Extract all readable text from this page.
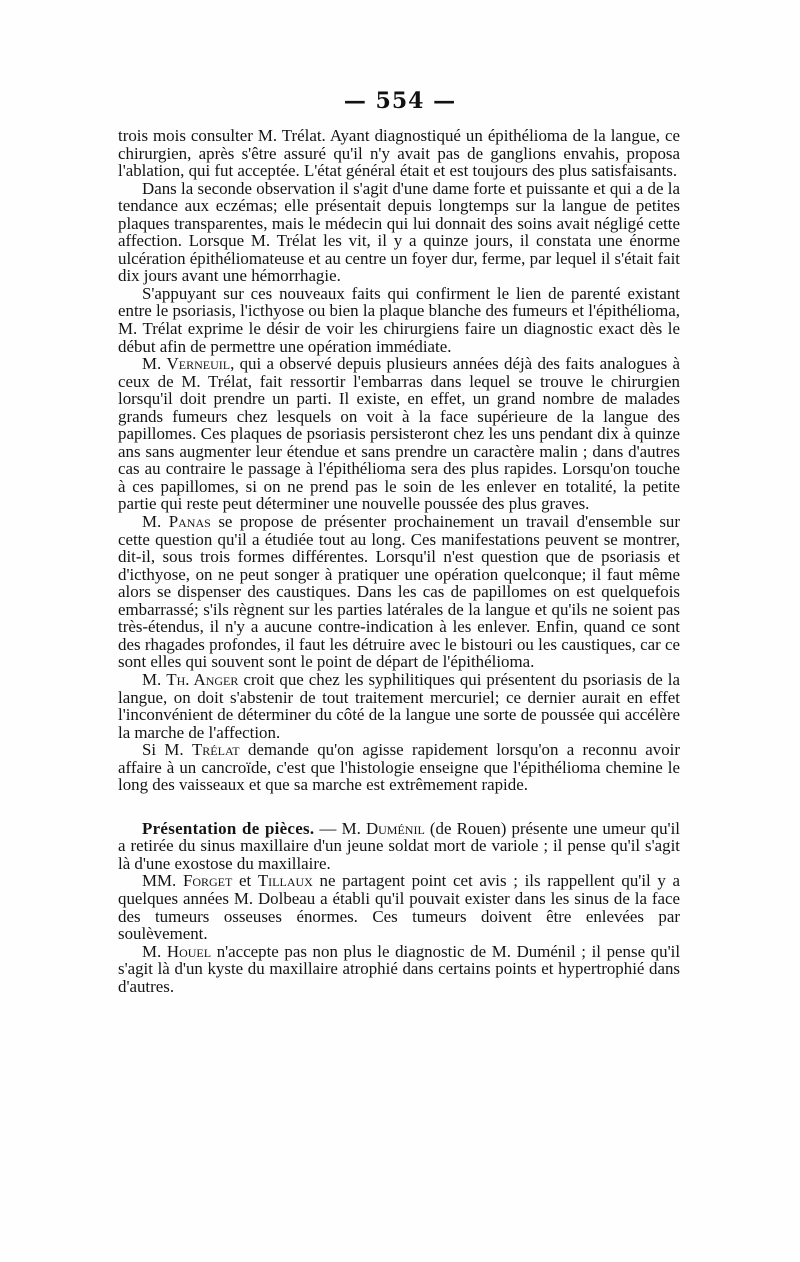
— 554 —

trois mois consulter M. Trélat. Ayant diagnostiqué un épithélioma de la langue, ce chirurgien, après s'être assuré qu'il n'y avait pas de ganglions envahis, proposa l'ablation, qui fut acceptée. L'état général était et est toujours des plus satisfaisants.

Dans la seconde observation il s'agit d'une dame forte et puissante et qui a de la tendance aux eczémas; elle présentait depuis longtemps sur la langue de petites plaques transparentes, mais le médecin qui lui donnait des soins avait négligé cette affection. Lorsque M. Trélat les vit, il y a quinze jours, il constata une énorme ulcération épithéliomateuse et au centre un foyer dur, ferme, par lequel il s'était fait dix jours avant une hémorrhagie.

S'appuyant sur ces nouveaux faits qui confirment le lien de parenté existant entre le psoriasis, l'icthyose ou bien la plaque blanche des fumeurs et l'épithélioma, M. Trélat exprime le désir de voir les chirurgiens faire un diagnostic exact dès le début afin de permettre une opération immédiate.

M. Verneuil, qui a observé depuis plusieurs années déjà des faits analogues à ceux de M. Trélat, fait ressortir l'embarras dans lequel se trouve le chirurgien lorsqu'il doit prendre un parti. Il existe, en effet, un grand nombre de malades grands fumeurs chez lesquels on voit à la face supérieure de la langue des papillomes. Ces plaques de psoriasis persisteront chez les uns pendant dix à quinze ans sans augmenter leur étendue et sans prendre un caractère malin ; dans d'autres cas au contraire le passage à l'épithélioma sera des plus rapides. Lorsqu'on touche à ces papillomes, si on ne prend pas le soin de les enlever en totalité, la petite partie qui reste peut déterminer une nouvelle poussée des plus graves.

M. Panas se propose de présenter prochainement un travail d'ensemble sur cette question qu'il a étudiée tout au long. Ces manifestations peuvent se montrer, dit-il, sous trois formes différentes. Lorsqu'il n'est question que de psoriasis et d'icthyose, on ne peut songer à pratiquer une opération quelconque; il faut même alors se dispenser des caustiques. Dans les cas de papillomes on est quelquefois embarrassé; s'ils règnent sur les parties latérales de la langue et qu'ils ne soient pas très-étendus, il n'y a aucune contre-indication à les enlever. Enfin, quand ce sont des rhagades profondes, il faut les détruire avec le bistouri ou les caustiques, car ce sont elles qui souvent sont le point de départ de l'épithélioma.

M. Th. Anger croit que chez les syphilitiques qui présentent du psoriasis de la langue, on doit s'abstenir de tout traitement mercuriel; ce dernier aurait en effet l'inconvénient de déterminer du côté de la langue une sorte de poussée qui accélère la marche de l'affection.

Si M. Trélat demande qu'on agisse rapidement lorsqu'on a reconnu avoir affaire à un cancroïde, c'est que l'histologie enseigne que l'épithélioma chemine le long des vaisseaux et que sa marche est extrêmement rapide.

Présentation de pièces. — M. Duménil (de Rouen) présente une umeur qu'il a retirée du sinus maxillaire d'un jeune soldat mort de variole ; il pense qu'il s'agit là d'une exostose du maxillaire.

MM. Forget et Tillaux ne partagent point cet avis ; ils rappellent qu'il y a quelques années M. Dolbeau a établi qu'il pouvait exister dans les sinus de la face des tumeurs osseuses énormes. Ces tumeurs doivent être enlevées par soulèvement.

M. Houel n'accepte pas non plus le diagnostic de M. Duménil ; il pense qu'il s'agit là d'un kyste du maxillaire atrophié dans certains points et hypertrophié dans d'autres.
